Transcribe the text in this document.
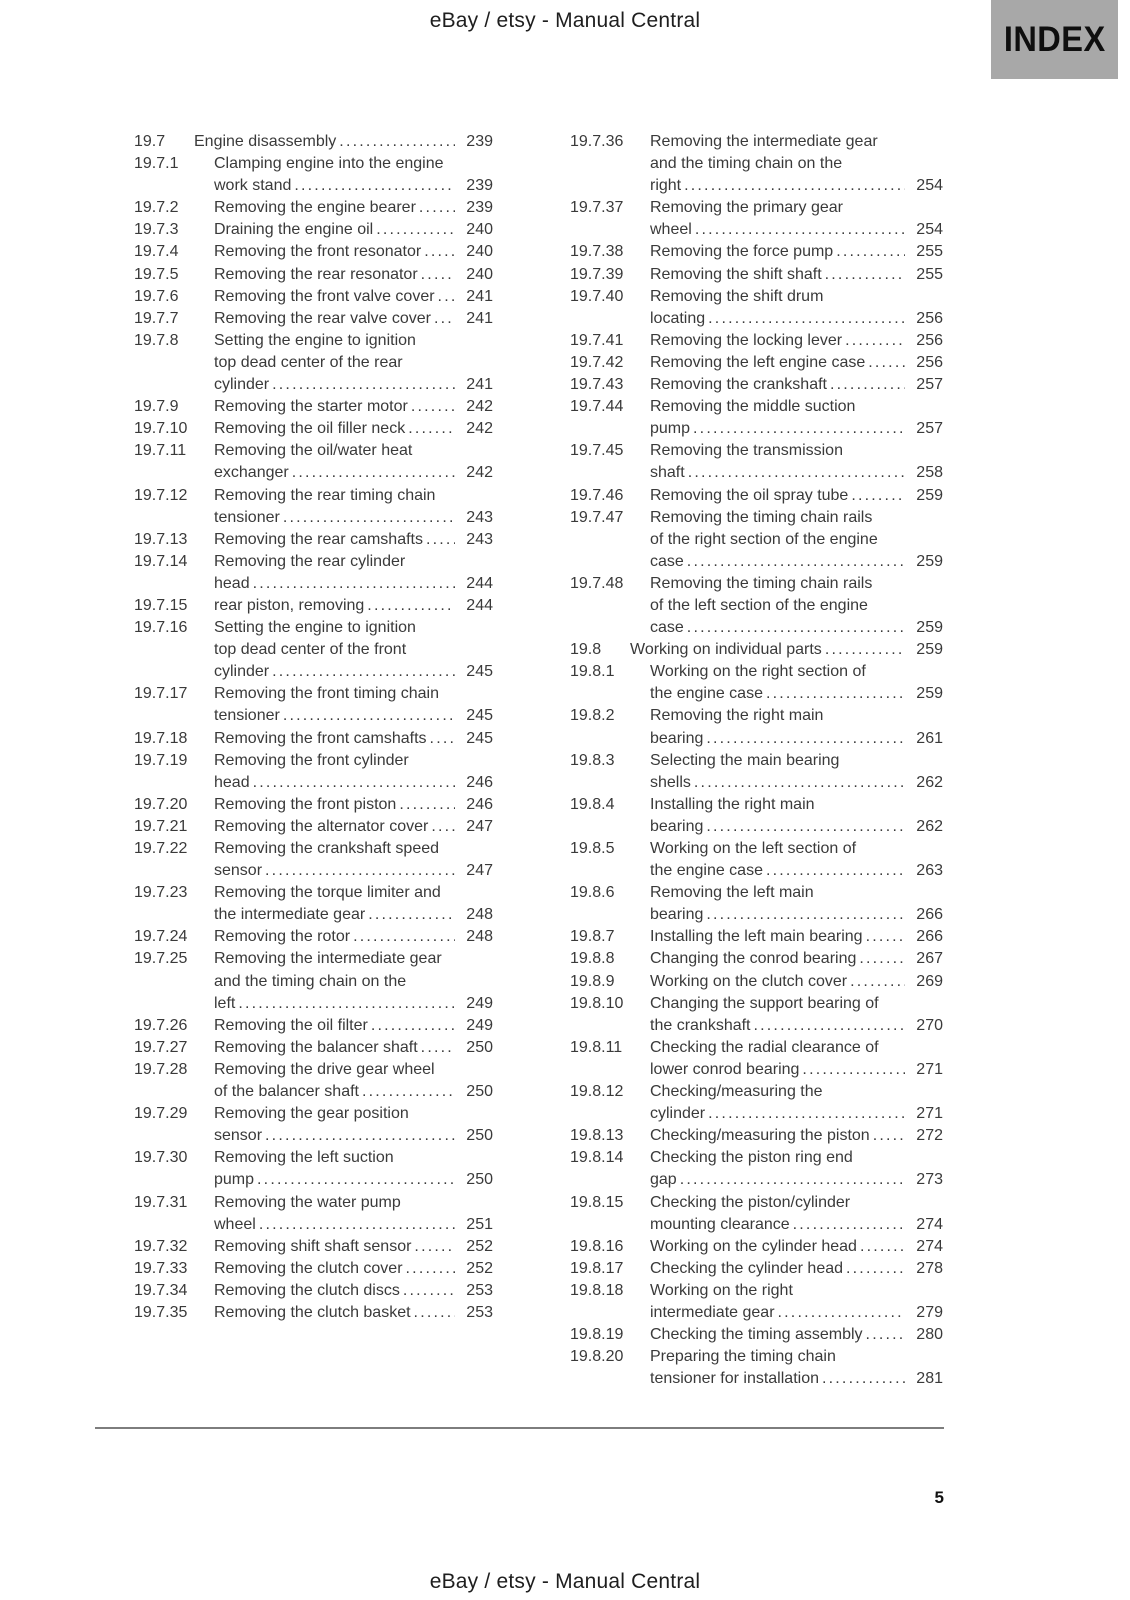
eBay / etsy - Manual Central	INDEX
19.7	Engine disassembly .....	239
19.7.1	Clamping engine into the engine
work stand .....	239
19.7.2	Removing the engine bearer .....	239
19.7.3	Draining the engine oil .....	240
19.7.4	Removing the front resonator .....	240
19.7.5	Removing the rear resonator .....	240
19.7.6	Removing the front valve cover .....	241
19.7.7	Removing the rear valve cover .....	241
19.7.8	Setting the engine to ignition
top dead center of the rear
cylinder .....	241
19.7.9	Removing the starter motor .....	242
19.7.10	Removing the oil filler neck .....	242
19.7.11	Removing the oil/water heat
exchanger .....	242
19.7.12	Removing the rear timing chain
tensioner .....	243
19.7.13	Removing the rear camshafts .....	243
19.7.14	Removing the rear cylinder
head .....	244
19.7.15	rear piston, removing .....	244
19.7.16	Setting the engine to ignition
top dead center of the front
cylinder .....	245
19.7.17	Removing the front timing chain
tensioner .....	245
19.7.18	Removing the front camshafts .....	245
19.7.19	Removing the front cylinder
head .....	246
19.7.20	Removing the front piston .....	246
19.7.21	Removing the alternator cover .....	247
19.7.22	Removing the crankshaft speed
sensor .....	247
19.7.23	Removing the torque limiter and
the intermediate gear .....	248
19.7.24	Removing the rotor .....	248
19.7.25	Removing the intermediate gear
and the timing chain on the
left .....	249
19.7.26	Removing the oil filter .....	249
19.7.27	Removing the balancer shaft .....	250
19.7.28	Removing the drive gear wheel
of the balancer shaft .....	250
19.7.29	Removing the gear position
sensor .....	250
19.7.30	Removing the left suction
pump .....	250
19.7.31	Removing the water pump
wheel .....	251
19.7.32	Removing shift shaft sensor .....	252
19.7.33	Removing the clutch cover .....	252
19.7.34	Removing the clutch discs .....	253
19.7.35	Removing the clutch basket .....	253
19.7.36	Removing the intermediate gear
and the timing chain on the
right .....	254
19.7.37	Removing the primary gear
wheel .....	254
19.7.38	Removing the force pump .....	255
19.7.39	Removing the shift shaft .....	255
19.7.40	Removing the shift drum
locating .....	256
19.7.41	Removing the locking lever .....	256
19.7.42	Removing the left engine case .....	256
19.7.43	Removing the crankshaft .....	257
19.7.44	Removing the middle suction
pump .....	257
19.7.45	Removing the transmission
shaft .....	258
19.7.46	Removing the oil spray tube .....	259
19.7.47	Removing the timing chain rails
of the right section of the engine
case .....	259
19.7.48	Removing the timing chain rails
of the left section of the engine
case .....	259
19.8	Working on individual parts .....	259
19.8.1	Working on the right section of
the engine case .....	259
19.8.2	Removing the right main
bearing .....	261
19.8.3	Selecting the main bearing
shells .....	262
19.8.4	Installing the right main
bearing .....	262
19.8.5	Working on the left section of
the engine case .....	263
19.8.6	Removing the left main
bearing .....	266
19.8.7	Installing the left main bearing .....	266
19.8.8	Changing the conrod bearing .....	267
19.8.9	Working on the clutch cover .....	269
19.8.10	Changing the support bearing of
the crankshaft .....	270
19.8.11	Checking the radial clearance of
lower conrod bearing .....	271
19.8.12	Checking/measuring the
cylinder .....	271
19.8.13	Checking/measuring the piston .....	272
19.8.14	Checking the piston ring end
gap .....	273
19.8.15	Checking the piston/cylinder
mounting clearance .....	274
19.8.16	Working on the cylinder head .....	274
19.8.17	Checking the cylinder head .....	278
19.8.18	Working on the right
intermediate gear .....	279
19.8.19	Checking the timing assembly .....	280
19.8.20	Preparing the timing chain
tensioner for installation .....	281
5
eBay / etsy - Manual Central
